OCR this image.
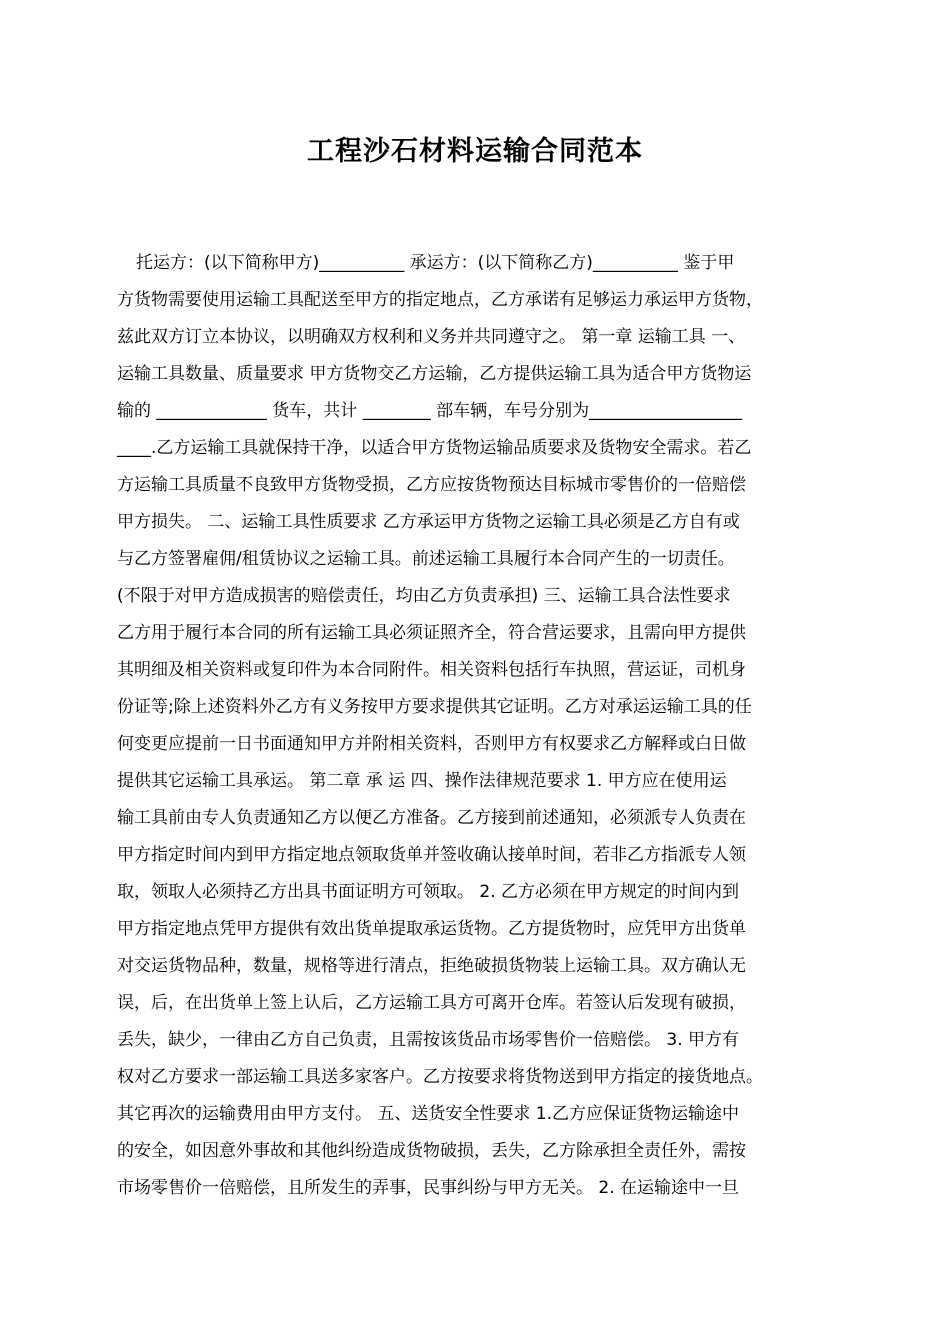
工程沙石材料运输合同范本
托运方：(以下简称甲方)__________ 承运方：(以下简称乙方)__________ 鉴于甲
方货物需要使用运输工具配送至甲方的指定地点，乙方承诺有足够运力承运甲方货物，
兹此双方订立本协议，以明确双方权利和义务并共同遵守之。 第一章 运输工具 一、
运输工具数量、质量要求 甲方货物交乙方运输，乙方提供运输工具为适合甲方货物运
输的 _____________ 货车，共计 ________ 部车辆，车号分别为__________________
____.乙方运输工具就保持干净，以适合甲方货物运输品质要求及货物安全需求。若乙
方运输工具质量不良致甲方货物受损，乙方应按货物预达目标城市零售价的一倍赔偿
甲方损失。 二、运输工具性质要求 乙方承运甲方货物之运输工具必须是乙方自有或
与乙方签署雇佣/租赁协议之运输工具。前述运输工具履行本合同产生的一切责任。
(不限于对甲方造成损害的赔偿责任，均由乙方负责承担) 三、运输工具合法性要求
乙方用于履行本合同的所有运输工具必须证照齐全，符合营运要求，且需向甲方提供
其明细及相关资料或复印件为本合同附件。相关资料包括行车执照，营运证，司机身
份证等;除上述资料外乙方有义务按甲方要求提供其它证明。乙方对承运运输工具的任
何变更应提前一日书面通知甲方并附相关资料，否则甲方有权要求乙方解释或白日做
提供其它运输工具承运。 第二章 承 运 四、操作法律规范要求 1. 甲方应在使用运
输工具前由专人负责通知乙方以便乙方准备。乙方接到前述通知，必须派专人负责在
甲方指定时间内到甲方指定地点领取货单并签收确认接单时间，若非乙方指派专人领
取，领取人必须持乙方出具书面证明方可领取。 2. 乙方必须在甲方规定的时间内到
甲方指定地点凭甲方提供有效出货单提取承运货物。乙方提货物时，应凭甲方出货单
对交运货物品种，数量，规格等进行清点，拒绝破损货物装上运输工具。双方确认无
误，后，在出货单上签上认后，乙方运输工具方可离开仓库。若签认后发现有破损，
丢失，缺少，一律由乙方自己负责，且需按该货品市场零售价一倍赔偿。 3. 甲方有
权对乙方要求一部运输工具送多家客户。乙方按要求将货物送到甲方指定的接货地点。
其它再次的运输费用由甲方支付。 五、送货安全性要求 1.乙方应保证货物运输途中
的安全，如因意外事故和其他纠纷造成货物破损，丢失，乙方除承担全责任外，需按
市场零售价一倍赔偿，且所发生的弄事，民事纠纷与甲方无关。 2. 在运输途中一旦
